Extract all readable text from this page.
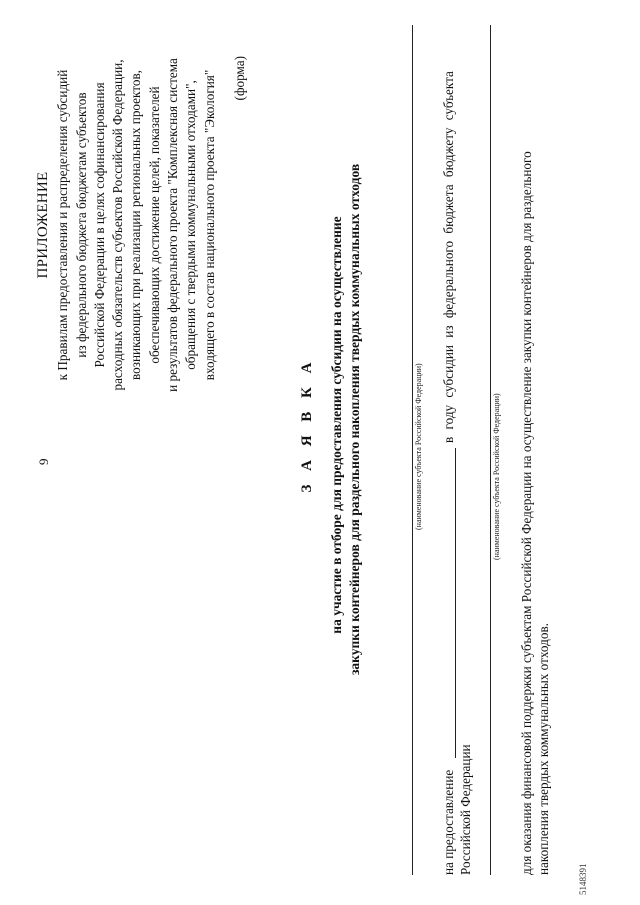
9
ПРИЛОЖЕНИЕ к Правилам предоставления и распределения субсидий из федерального бюджета бюджетам субъектов Российской Федерации в целях софинансирования расходных обязательств субъектов Российской Федерации, возникающих при реализации региональных проектов, обеспечивающих достижение целей, показателей и результатов федерального проекта "Комплексная система обращения с твердыми коммунальными отходами", входящего в состав национального проекта "Экология" (форма)
З А Я В К А на участие в отборе для предоставления субсидии на осуществление закупки контейнеров для раздельного накопления твердых коммунальных отходов	(наименование субъекта Российской Федерации)
на предоставление
в году субсидии из федерального бюджета бюджету субъекта
Российской Федерации
(наименование субъекта Российской Федерации) для оказания финансовой поддержки субъектам Российской Федерации на осуществление закупки контейнеров для раздельного накопления твердых коммунальных отходов.
5148391
